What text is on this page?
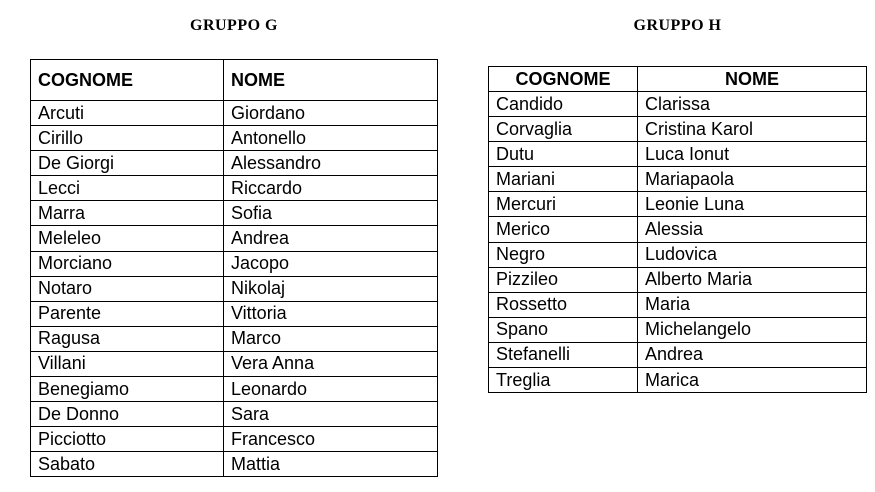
GRUPPO G	GRUPPO H
COGNOME	NOME
Arcuti	Giordano
Cirillo	Antonello
De Giorgi	Alessandro
Lecci	Riccardo
Marra	Sofia
Meleleo	Andrea
Morciano	Jacopo
Notaro	Nikolaj
Parente	Vittoria
Ragusa	Marco
Villani	Vera Anna
Benegiamo	Leonardo
De Donno	Sara
Picciotto	Francesco
Sabato	Mattia
COGNOME	NOME
Candido	Clarissa
Corvaglia	Cristina Karol
Dutu	Luca Ionut
Mariani	Mariapaola
Mercuri	Leonie Luna
Merico	Alessia
Negro	Ludovica
Pizzileo	Alberto Maria
Rossetto	Maria
Spano	Michelangelo
Stefanelli	Andrea
Treglia	Marica
